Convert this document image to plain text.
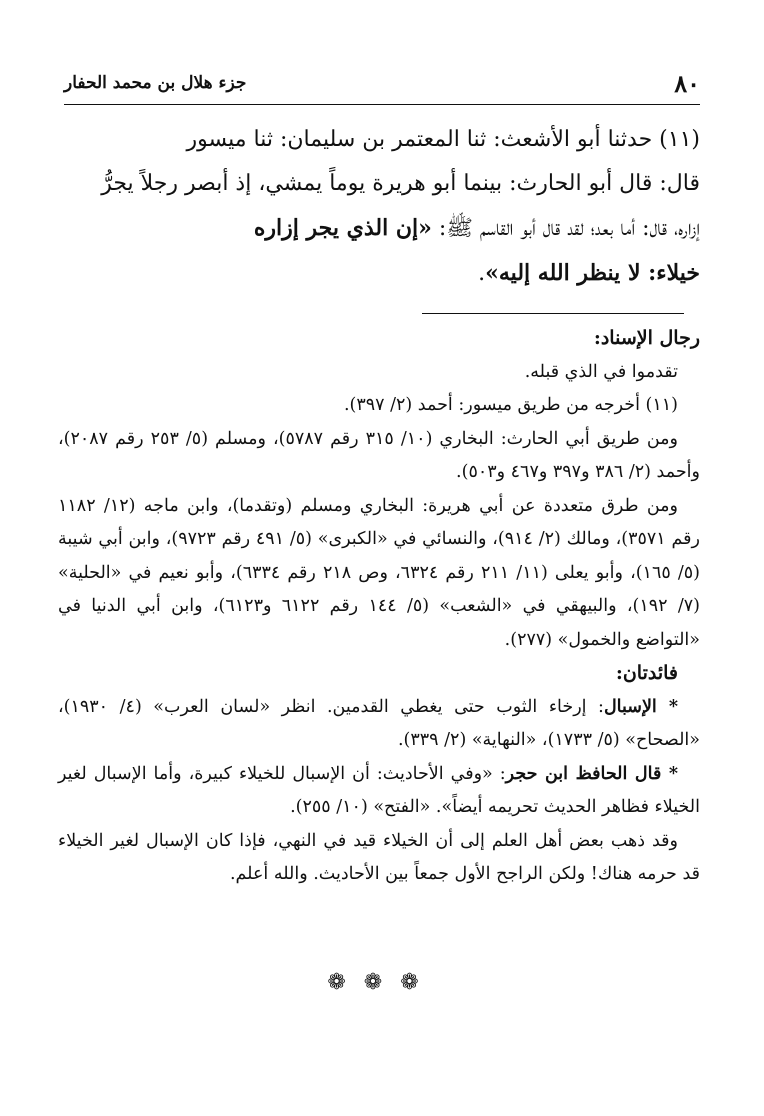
٨٠
جزء هلال بن محمد الحفار

(١١) حدثنا أبو الأشعث: ثنا المعتمر بن سليمان: ثنا ميسور

قال: قال أبو الحارث: بينما أبو هريرة يوماً يمشي، إذ أبصر رجلاً يجرُّ

إزاره، قال: أما بعد؛ لقد قال أبو القاسم ﷺ: «إن الذي يجر إزاره

خيلاء: لا ينظر الله إليه».

رجال الإسناد:

تقدموا في الذي قبله.

(١١) أخرجه من طريق ميسور: أحمد (٢/ ٣٩٧).

ومن طريق أبي الحارث: البخاري (١٠/ ٣١٥ رقم ٥٧٨٧)، ومسلم (٥/ ٢٥٣ رقم ٢٠٨٧)، وأحمد (٢/ ٣٨٦ و٣٩٧ و٤٦٧ و٥٠٣).

ومن طرق متعددة عن أبي هريرة: البخاري ومسلم (وتقدما)، وابن ماجه (١٢/ ١١٨٢ رقم ٣٥٧١)، ومالك (٢/ ٩١٤)، والنسائي في «الكبرى» (٥/ ٤٩١ رقم ٩٧٢٣)، وابن أبي شيبة (٥/ ١٦٥)، وأبو يعلى (١١/ ٢١١ رقم ٦٣٢٤، وص ٢١٨ رقم ٦٣٣٤)، وأبو نعيم في «الحلية» (٧/ ١٩٢)، والبيهقي في «الشعب» (٥/ ١٤٤ رقم ٦١٢٢ و٦١٢٣)، وابن أبي الدنيا في «التواضع والخمول» (٢٧٧).

فائدتان:

* الإسبال: إرخاء الثوب حتى يغطي القدمين. انظر «لسان العرب» (٤/ ١٩٣٠)، «الصحاح» (٥/ ١٧٣٣)، «النهاية» (٢/ ٣٣٩).

* قال الحافظ ابن حجر: «وفي الأحاديث: أن الإسبال للخيلاء كبيرة، وأما الإسبال لغير الخيلاء فظاهر الحديث تحريمه أيضاً». «الفتح» (١٠/ ٢٥٥).

وقد ذهب بعض أهل العلم إلى أن الخيلاء قيد في النهي، فإذا كان الإسبال لغير الخيلاء قد حرمه هناك! ولكن الراجح الأول جمعاً بين الأحاديث. والله أعلم.

❁❁❁
